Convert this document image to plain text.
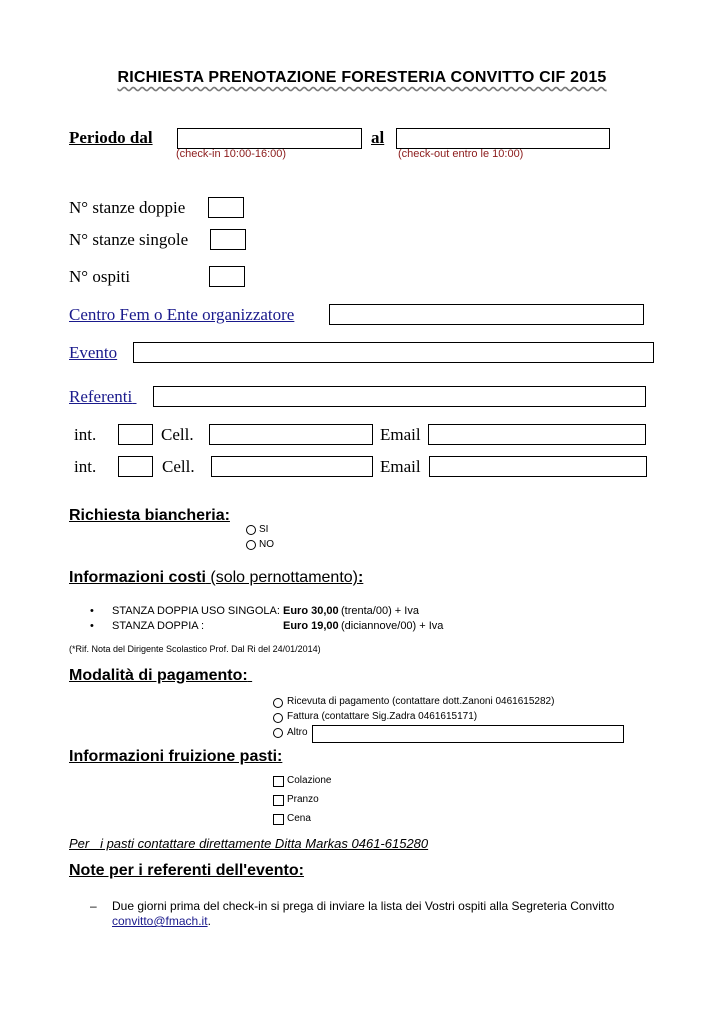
RICHIESTA PRENOTAZIONE FORESTERIA CONVITTO CIF 2015
Periodo dal
(check-in 10:00-16:00)
al
(check-out entro le 10:00)
N° stanze doppie
N° stanze singole
N° ospiti
Centro Fem o Ente organizzatore
Evento
Referenti
int.	Cell.	Email
int.	Cell.	Email
Richiesta biancheria:
SI
NO
Informazioni costi (solo pernottamento):
• STANZA DOPPIA USO SINGOLA: Euro 30,00 (trenta/00) + Iva
• STANZA DOPPIA :	Euro 19,00 (diciannove/00) + Iva
(*Rif. Nota del Dirigente Scolastico Prof. Dal Ri del 24/01/2014)
Modalità di pagamento:
Ricevuta di pagamento (contattare dott.Zanoni 0461615282)
Fattura (contattare Sig.Zadra 0461615171)
Altro
Informazioni fruizione pasti:
Colazione
Pranzo
Cena
Per   i pasti contattare direttamente Ditta Markas 0461-615280
Note per i referenti dell'evento:
– Due giorni prima del check-in si prega di inviare la lista dei Vostri ospiti alla Segreteria Convitto
convitto@fmach.it.
